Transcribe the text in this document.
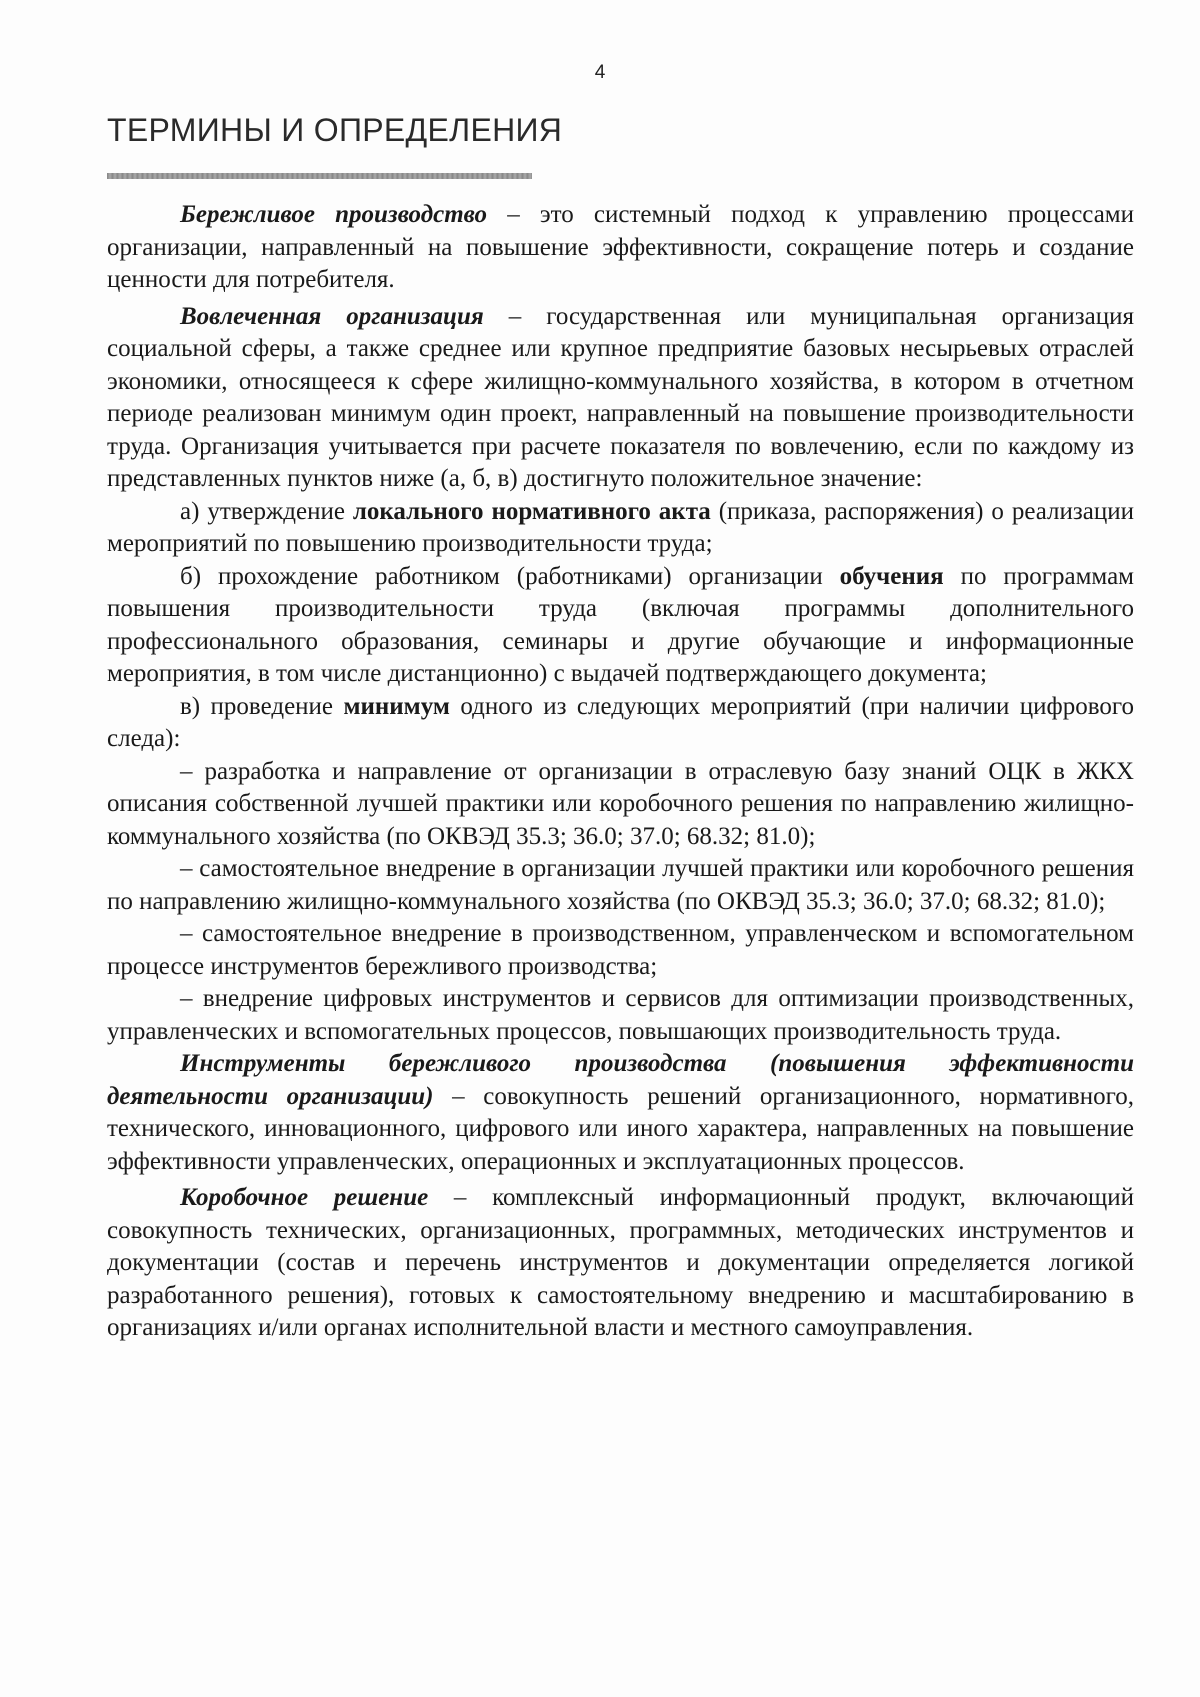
4
ТЕРМИНЫ И ОПРЕДЕЛЕНИЯ

Бережливое производство – это системный подход к управлению процессами организации, направленный на повышение эффективности, сокращение потерь и создание ценности для потребителя.

Вовлеченная организация – государственная или муниципальная организация социальной сферы, а также среднее или крупное предприятие базовых несырьевых отраслей экономики, относящееся к сфере жилищно-коммунального хозяйства, в котором в отчетном периоде реализован минимум один проект, направленный на повышение производительности труда. Организация учитывается при расчете показателя по вовлечению, если по каждому из представленных пунктов ниже (а, б, в) достигнуто положительное значение:

а) утверждение локального нормативного акта (приказа, распоряжения) о реализации мероприятий по повышению производительности труда;

б) прохождение работником (работниками) организации обучения по программам повышения производительности труда (включая программы дополнительного профессионального образования, семинары и другие обучающие и информационные мероприятия, в том числе дистанционно) с выдачей подтверждающего документа;

в) проведение минимум одного из следующих мероприятий (при наличии цифрового следа):

– разработка и направление от организации в отраслевую базу знаний ОЦК в ЖКХ описания собственной лучшей практики или коробочного решения по направлению жилищно-коммунального хозяйства (по ОКВЭД 35.3; 36.0; 37.0; 68.32; 81.0);

– самостоятельное внедрение в организации лучшей практики или коробочного решения по направлению жилищно-коммунального хозяйства (по ОКВЭД 35.3; 36.0; 37.0; 68.32; 81.0);

– самостоятельное внедрение в производственном, управленческом и вспомогательном процессе инструментов бережливого производства;

– внедрение цифровых инструментов и сервисов для оптимизации производственных, управленческих и вспомогательных процессов, повышающих производительность труда.

Инструменты бережливого производства (повышения эффективности деятельности организации) – совокупность решений организационного, нормативного, технического, инновационного, цифрового или иного характера, направленных на повышение эффективности управленческих, операционных и эксплуатационных процессов.

Коробочное решение – комплексный информационный продукт, включающий совокупность технических, организационных, программных, методических инструментов и документации (состав и перечень инструментов и документации определяется логикой разработанного решения), готовых к самостоятельному внедрению и масштабированию в организациях и/или органах исполнительной власти и местного самоуправления.
